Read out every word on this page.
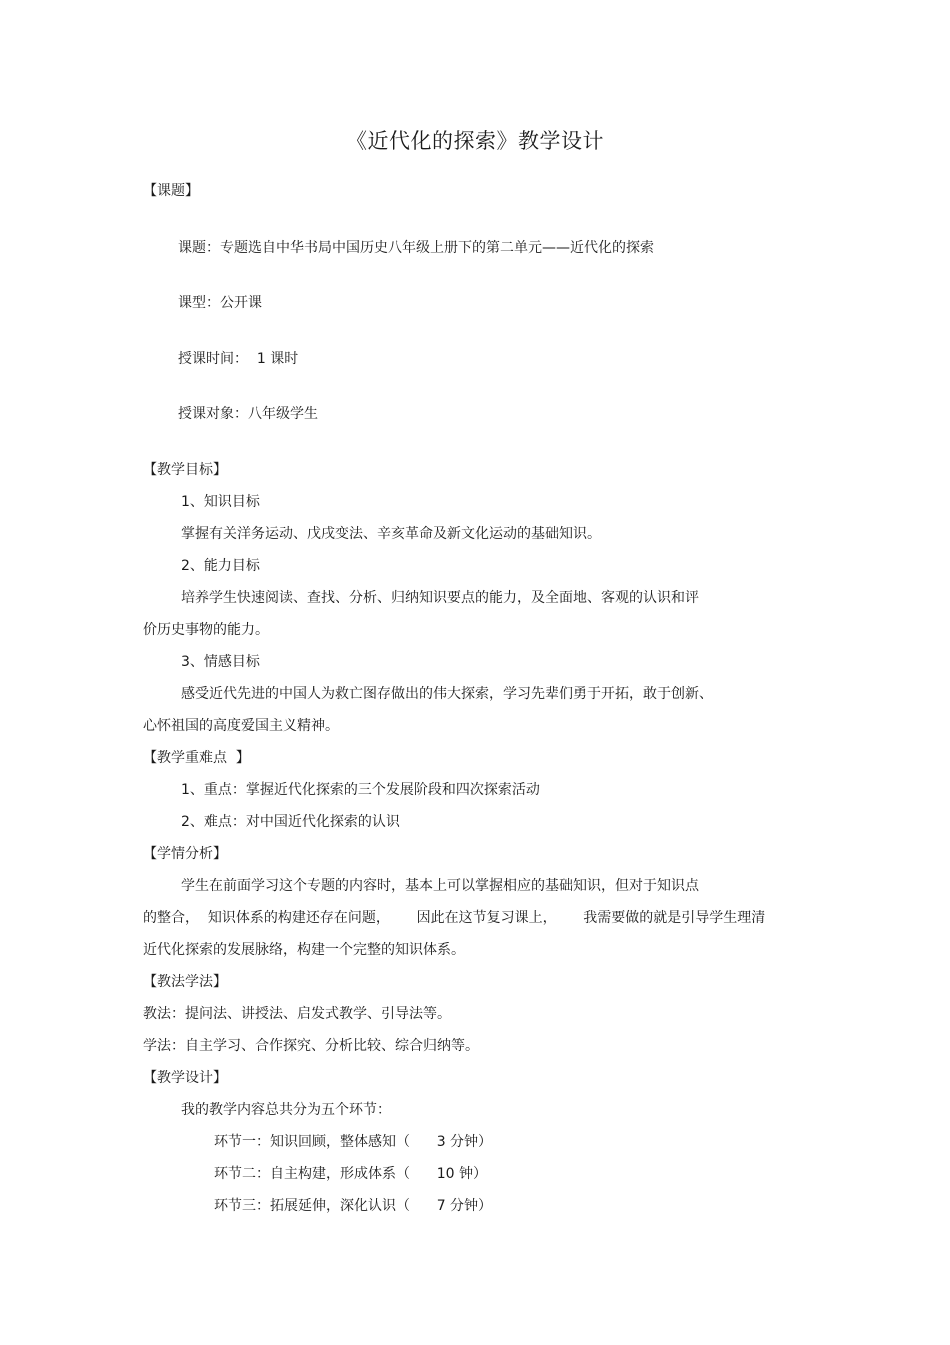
《近代化的探索》教学设计
【课题】
课题：专题选自中华书局中国历史八年级上册下的第二单元——近代化的探索
课型：公开课
授课时间：  1 课时
授课对象：八年级学生
【教学目标】
1、知识目标
掌握有关洋务运动、戊戌变法、辛亥革命及新文化运动的基础知识。
2、能力目标
培养学生快速阅读、查找、分析、归纳知识要点的能力，及全面地、客观的认识和评
价历史事物的能力。
3、情感目标
感受近代先进的中国人为救亡图存做出的伟大探索，学习先辈们勇于开拓，敢于创新、
心怀祖国的高度爱国主义精神。
【教学重难点  】
1、重点：掌握近代化探索的三个发展阶段和四次探索活动
2、难点：对中国近代化探索的认识
【学情分析】
学生在前面学习这个专题的内容时，基本上可以掌握相应的基础知识，但对于知识点
的整合，  知识体系的构建还存在问题，      因此在这节复习课上，      我需要做的就是引导学生理清
近代化探索的发展脉络，构建一个完整的知识体系。
【教法学法】
教法：提问法、讲授法、启发式教学、引导法等。
学法：自主学习、合作探究、分析比较、综合归纳等。
【教学设计】
我的教学内容总共分为五个环节：
环节一：知识回顾，整体感知（      3 分钟）
环节二：自主构建，形成体系（      10 钟）
环节三：拓展延伸，深化认识（      7 分钟）
